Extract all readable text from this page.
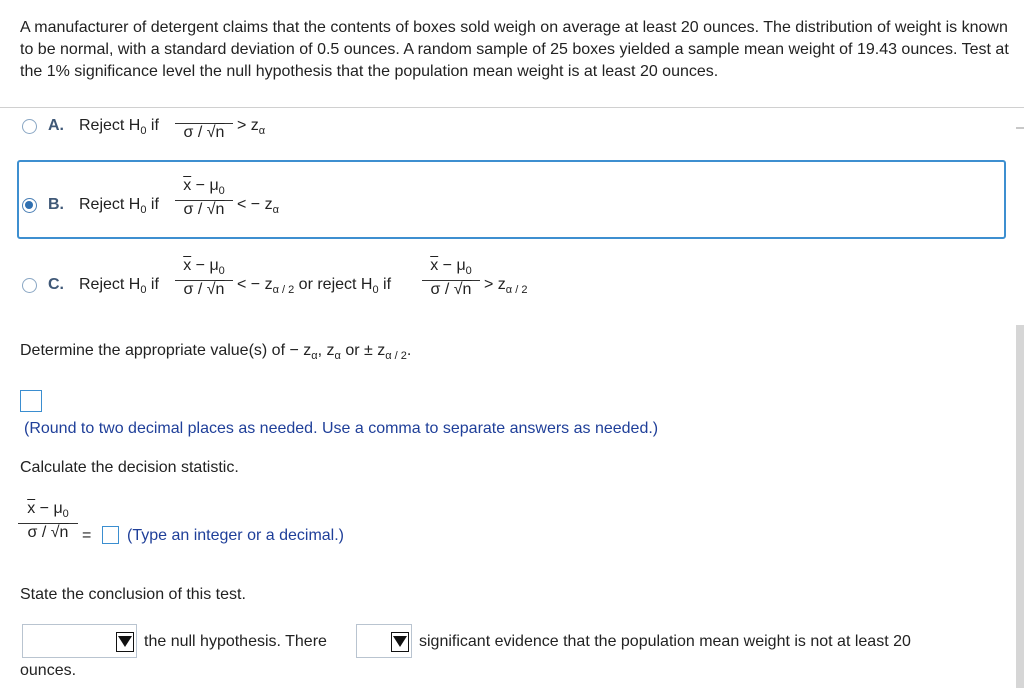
A manufacturer of detergent claims that the contents of boxes sold weigh on average at least 20 ounces. The distribution of weight is known to be normal, with a standard deviation of 0.5 ounces. A random sample of 25 boxes yielded a sample mean weight of 19.43 ounces. Test at the 1% significance level the null hypothesis that the population mean weight is at least 20 ounces.
A. Reject $H_0$ if	$\sigma / √n > z_\alpha$
B. Reject $H_0$ if
$\overline{x} - \mu_0$
σ / √n < − $z_\alpha$
C. Reject $H_0$ if
$\overline{x} - \mu_0$
σ / √n < − $z_{\alpha / 2}$ or reject $H_0$ if
$\overline{x} - \mu_0$
$\sigma / √n > z_{\alpha / 2}$
Determine the appropriate value(s) of − $z_\alpha$, $z_\alpha$ or ± $z_{\alpha / 2}$.
(Round to two decimal places as needed. Use a comma to separate answers as needed.)
Calculate the decision statistic.
$\overline{x} - \mu_0$
σ / √n = (Type an integer or a decimal.)
State the conclusion of this test.
the null hypothesis. There	significant evidence that the population mean weight is not at least 20
ounces.
